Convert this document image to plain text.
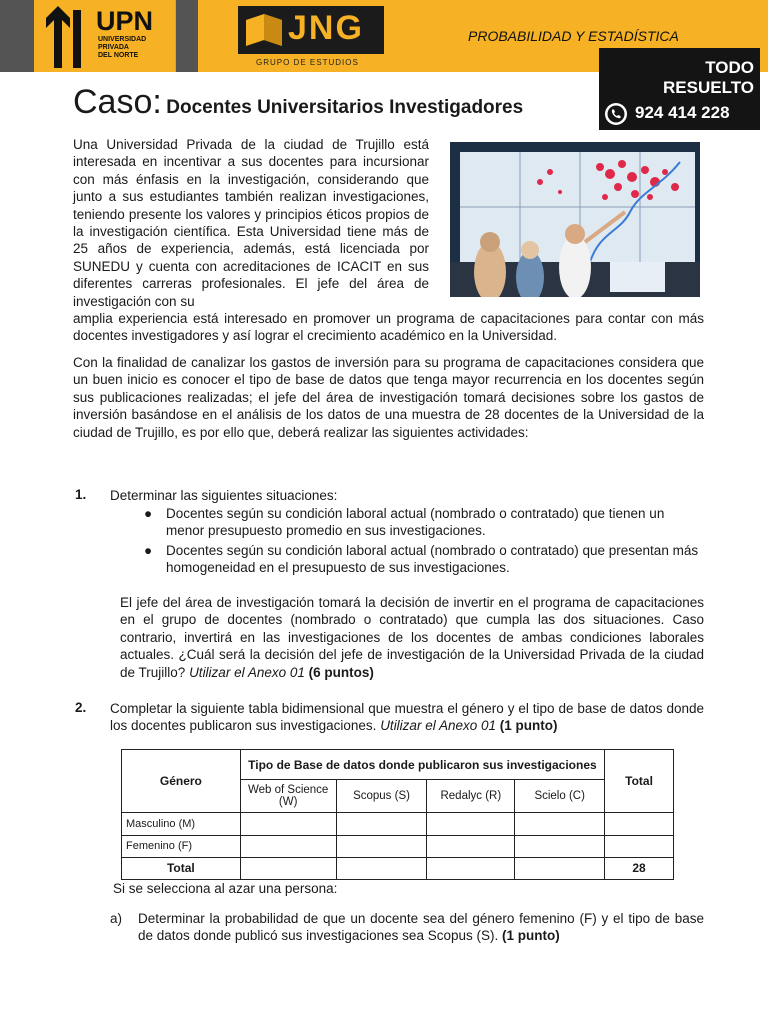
UPN
UNIVERSIDAD
PRIVADA
DEL NORTE
JNG
GRUPO DE ESTUDIOS
PROBABILIDAD Y ESTADÍSTICA
TODO
RESUELTO
924 414 228
Caso: Docentes Universitarios Investigadores
Una Universidad Privada de la ciudad de Trujillo está interesada en incentivar a sus docentes para incursionar con más énfasis en la investigación, considerando que junto a sus estudiantes también realizan investigaciones, teniendo presente los valores y principios éticos propios de la investigación científica. Esta Universidad tiene más de 25 años de experiencia, además, está licenciada por SUNEDU y cuenta con acreditaciones de ICACIT en sus diferentes carreras profesionales. El jefe del área de investigación con su
amplia experiencia está interesado en promover un programa de capacitaciones para contar con más docentes investigadores y así lograr el crecimiento académico en la Universidad.
Con la finalidad de canalizar los gastos de inversión para su programa de capacitaciones considera que un buen inicio es conocer el tipo de base de datos que tenga mayor recurrencia en los docentes según sus publicaciones realizadas; el jefe del área de investigación tomará decisiones sobre los gastos de inversión basándose en el análisis de los datos de una muestra de 28 docentes de la Universidad de la ciudad de Trujillo, es por ello que, deberá realizar las siguientes actividades:
1. Determinar las siguientes situaciones:
● Docentes según su condición laboral actual (nombrado o contratado) que tienen un menor presupuesto promedio en sus investigaciones.
● Docentes según su condición laboral actual (nombrado o contratado) que presentan más homogeneidad en el presupuesto de sus investigaciones.
El jefe del área de investigación tomará la decisión de invertir en el programa de capacitaciones en el grupo de docentes (nombrado o contratado) que cumpla las dos situaciones. Caso contrario, invertirá en las investigaciones de los docentes de ambas condiciones laborales actuales. ¿Cuál será la decisión del jefe de investigación de la Universidad Privada de la ciudad de Trujillo? Utilizar el Anexo 01 (6 puntos)
2. Completar la siguiente tabla bidimensional que muestra el género y el tipo de base de datos donde los docentes publicaron sus investigaciones. Utilizar el Anexo 01 (1 punto)
Género	Tipo de Base de datos donde publicaron sus investigaciones				Total
	Web of Science (W)	Scopus (S)	Redalyc (R)	Scielo (C)	
Masculino (M)					
Femenino (F)					
Total					28
Si se selecciona al azar una persona:
a) Determinar la probabilidad de que un docente sea del género femenino (F) y el tipo de base de datos donde publicó sus investigaciones sea Scopus (S). (1 punto)
